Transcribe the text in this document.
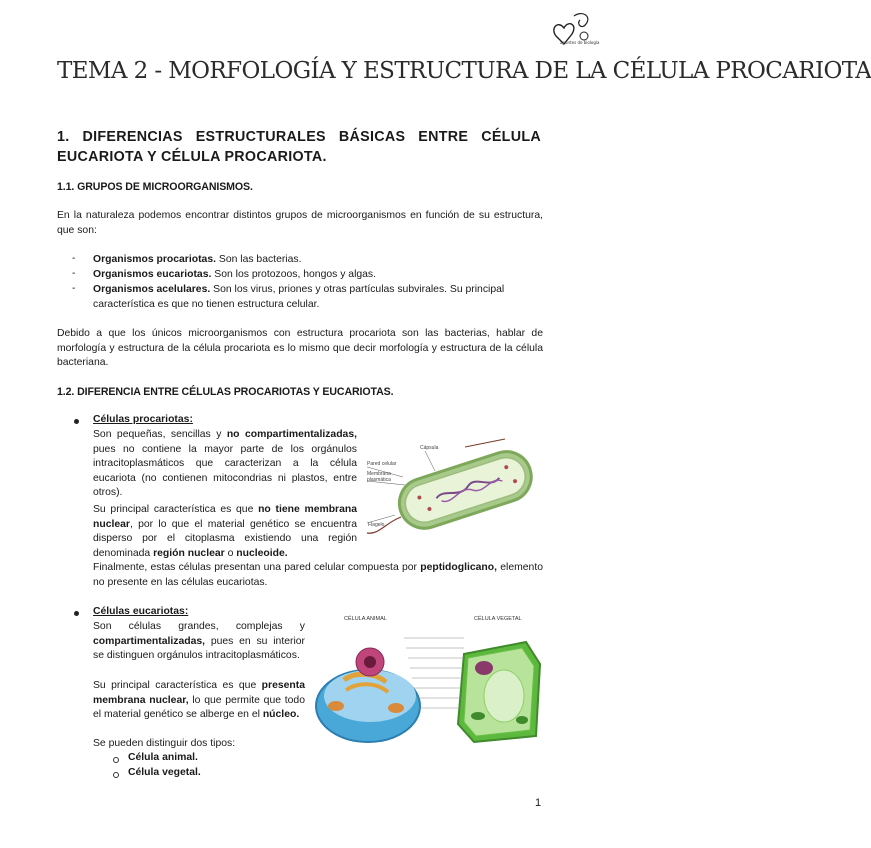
apuntes de biología
TEMA 2 - MORFOLOGÍA Y ESTRUCTURA DE LA CÉLULA PROCARIOTA
1. DIFERENCIAS ESTRUCTURALES BÁSICAS ENTRE CÉLULA EUCARIOTA Y CÉLULA PROCARIOTA.
1.1. GRUPOS DE MICROORGANISMOS.
En la naturaleza podemos encontrar distintos grupos de microorganismos en función de su estructura, que son:
- Organismos procariotas. Son las bacterias.
- Organismos eucariotas. Son los protozoos, hongos y algas.
- Organismos acelulares. Son los virus, priones y otras partículas subvirales. Su principal característica es que no tienen estructura celular.
Debido a que los únicos microorganismos con estructura procariota son las bacterias, hablar de morfología y estructura de la célula procariota es lo mismo que decir morfología y estructura de la célula bacteriana.
1.2. DIFERENCIA ENTRE CÉLULAS PROCARIOTAS Y EUCARIOTAS.
Células procariotas:
Son pequeñas, sencillas y no compartimentalizadas, pues no contiene la mayor parte de los orgánulos intracitoplasmáticos que caracterizan a la célula eucariota (no contienen mitocondrias ni plastos, entre otros).
Su principal característica es que no tiene membrana nuclear, por lo que el material genético se encuentra disperso por el citoplasma existiendo una región denominada región nuclear o nucleoide.
Finalmente, estas células presentan una pared celular compuesta por peptidoglicano, elemento no presente en las células eucariotas.
Cápsula
Pared celular
Membrana plasmática
Flagelo
Células eucariotas:
Son células grandes, complejas y compartimentalizadas, pues en su interior se distinguen orgánulos intracitoplasmáticos.
Su principal característica es que presenta membrana nuclear, lo que permite que todo el material genético se alberge en el núcleo.
Se pueden distinguir dos tipos:
Célula animal.
Célula vegetal.
CÉLULA ANIMAL	CÉLULA VEGETAL
1
